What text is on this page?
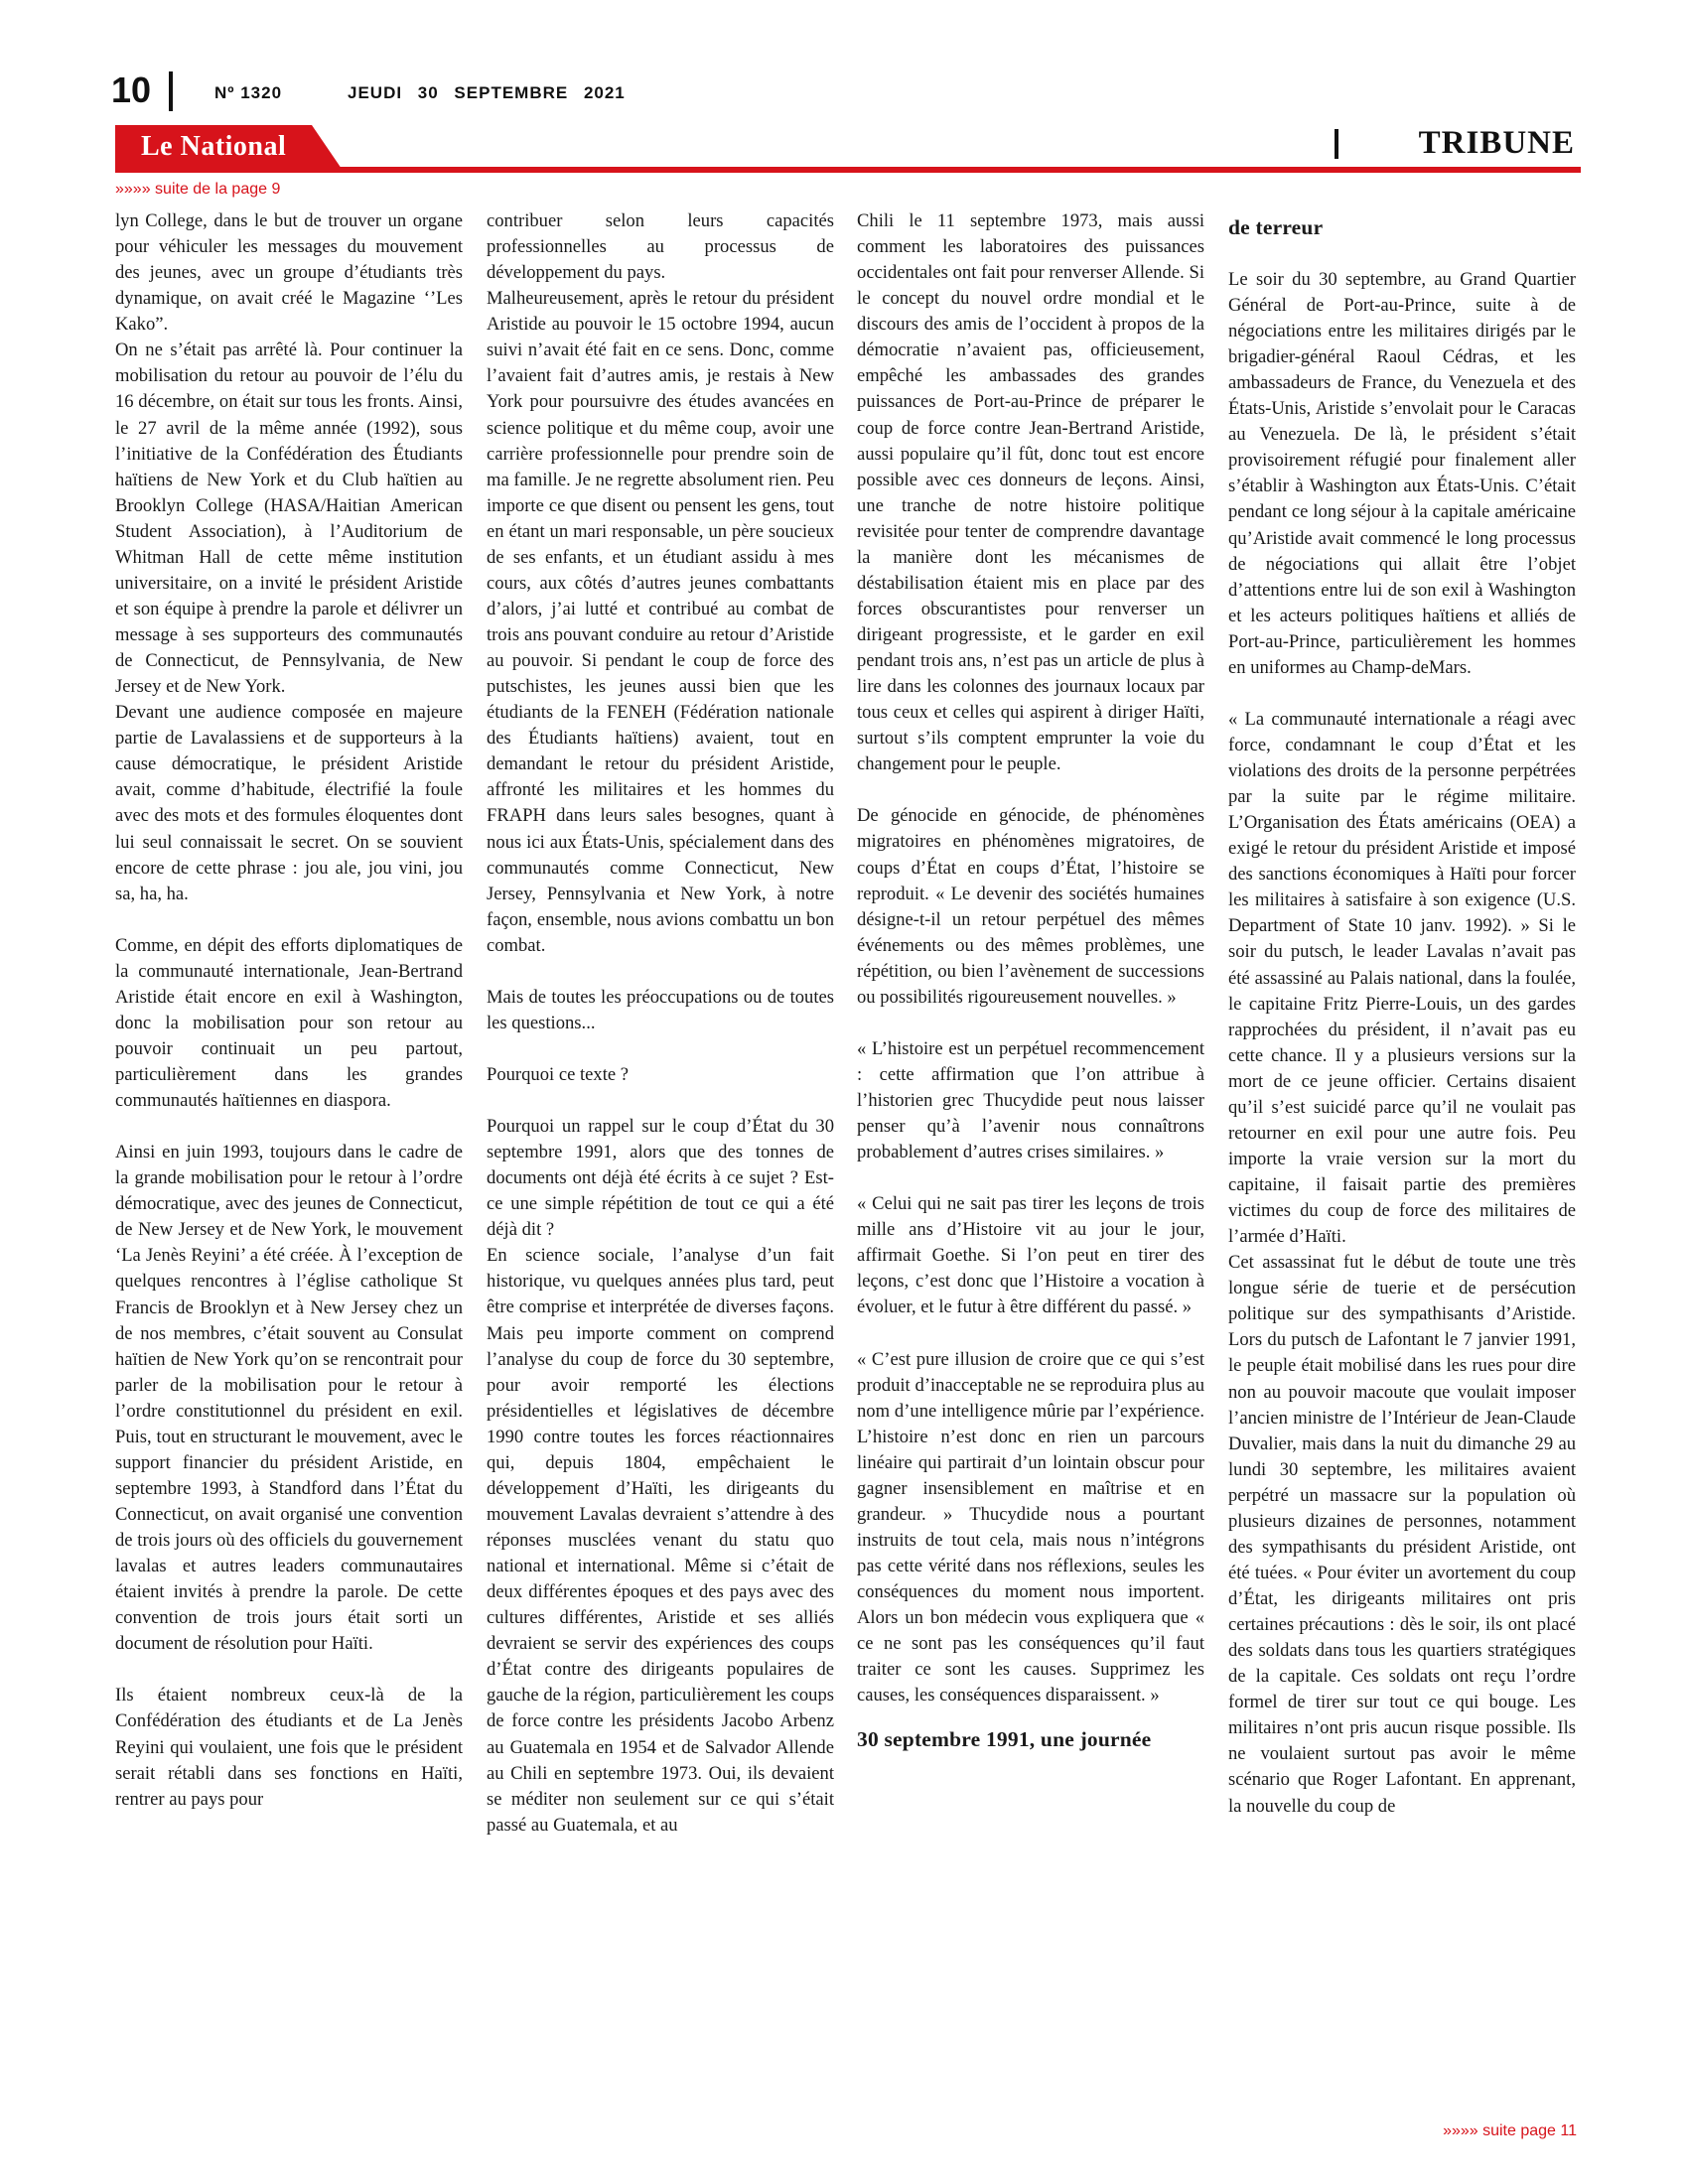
10	Nº 1320	JEUDI 30 SEPTEMBRE 2021
Le National	TRIBUNE
»»»» suite de la page 9

lyn College, dans le but de trouver un organe pour véhiculer les messages du mouvement des jeunes, avec un groupe d’étudiants très dynamique, on avait créé le Magazine ‘’Les Kako”.

On ne s’était pas arrêté là. Pour continuer la mobilisation du retour au pouvoir de l’élu du 16 décembre, on était sur tous les fronts. Ainsi, le 27 avril de la même année (1992), sous l’initiative de la Confédération des Étudiants haïtiens de New York et du Club haïtien au Brooklyn College (HASA/Haitian American Student Association), à l’Auditorium de Whitman Hall de cette même institution universitaire, on a invité le président Aristide et son équipe à prendre la parole et délivrer un message à ses supporteurs des communautés de Connecticut, de Pennsylvania, de New Jersey et de New York.

Devant une audience composée en majeure partie de Lavalassiens et de supporteurs à la cause démocratique, le président Aristide avait, comme d’habitude, électrifié la foule avec des mots et des formules éloquentes dont lui seul connaissait le secret. On se souvient encore de cette phrase : jou ale, jou vini, jou sa, ha, ha.

Comme, en dépit des efforts diplomatiques de la communauté internationale, Jean-Bertrand Aristide était encore en exil à Washington, donc la mobilisation pour son retour au pouvoir continuait un peu partout, particulièrement dans les grandes communautés haïtiennes en diaspora.

Ainsi en juin 1993, toujours dans le cadre de la grande mobilisation pour le retour à l’ordre démocratique, avec des jeunes de Connecticut, de New Jersey et de New York, le mouvement ‘La Jenès Reyini’ a été créée. À l’exception de quelques rencontres à l’église catholique St Francis de Brooklyn et à New Jersey chez un de nos membres, c’était souvent au Consulat haïtien de New York qu’on se rencontrait pour parler de la mobilisation pour le retour à l’ordre constitutionnel du président en exil. Puis, tout en structurant le mouvement, avec le support financier du président Aristide, en septembre 1993, à Standford dans l’État du Connecticut, on avait organisé une convention de trois jours où des officiels du gouvernement lavalas et autres leaders communautaires étaient invités à prendre la parole. De cette convention de trois jours était sorti un document de résolution pour Haïti.

Ils étaient nombreux ceux-là de la Confédération des étudiants et de La Jenès Reyini qui voulaient, une fois que le président serait rétabli dans ses fonctions en Haïti, rentrer au pays pour

contribuer selon leurs capacités professionnelles au processus de développement du pays.

Malheureusement, après le retour du président Aristide au pouvoir le 15 octobre 1994, aucun suivi n’avait été fait en ce sens. Donc, comme l’avaient fait d’autres amis, je restais à New York pour poursuivre des études avancées en science politique et du même coup, avoir une carrière professionnelle pour prendre soin de ma famille. Je ne regrette absolument rien. Peu importe ce que disent ou pensent les gens, tout en étant un mari responsable, un père soucieux de ses enfants, et un étudiant assidu à mes cours, aux côtés d’autres jeunes combattants d’alors, j’ai lutté et contribué au combat de trois ans pouvant conduire au retour d’Aristide au pouvoir. Si pendant le coup de force des putschistes, les jeunes aussi bien que les étudiants de la FENEH (Fédération nationale des Étudiants haïtiens) avaient, tout en demandant le retour du président Aristide, affronté les militaires et les hommes du FRAPH dans leurs sales besognes, quant à nous ici aux États-Unis, spécialement dans des communautés comme Connecticut, New Jersey, Pennsylvania et New York, à notre façon, ensemble, nous avions combattu un bon combat.

Mais de toutes les préoccupations ou de toutes les questions...

Pourquoi ce texte ?

Pourquoi un rappel sur le coup d’État du 30 septembre 1991, alors que des tonnes de documents ont déjà été écrits à ce sujet ? Est-ce une simple répétition de tout ce qui a été déjà dit ?

En science sociale, l’analyse d’un fait historique, vu quelques années plus tard, peut être comprise et interprétée de diverses façons. Mais peu importe comment on comprend l’analyse du coup de force du 30 septembre, pour avoir remporté les élections présidentielles et législatives de décembre 1990 contre toutes les forces réactionnaires qui, depuis 1804, empêchaient le développement d’Haïti, les dirigeants du mouvement Lavalas devraient s’attendre à des réponses musclées venant du statu quo national et international. Même si c’était de deux différentes époques et des pays avec des cultures différentes, Aristide et ses alliés devraient se servir des expériences des coups d’État contre des dirigeants populaires de gauche de la région, particulièrement les coups de force contre les présidents Jacobo Arbenz au Guatemala en 1954 et de Salvador Allende au Chili en septembre 1973. Oui, ils devaient se méditer non seulement sur ce qui s’était passé au Guatemala, et au

Chili le 11 septembre 1973, mais aussi comment les laboratoires des puissances occidentales ont fait pour renverser Allende. Si le concept du nouvel ordre mondial et le discours des amis de l’occident à propos de la démocratie n’avaient pas, officieusement, empêché les ambassades des grandes puissances de Port-au-Prince de préparer le coup de force contre Jean-Bertrand Aristide, aussi populaire qu’il fût, donc tout est encore possible avec ces donneurs de leçons. Ainsi, une tranche de notre histoire politique revisitée pour tenter de comprendre davantage la manière dont les mécanismes de déstabilisation étaient mis en place par des forces obscurantistes pour renverser un dirigeant progressiste, et le garder en exil pendant trois ans, n’est pas un article de plus à lire dans les colonnes des journaux locaux par tous ceux et celles qui aspirent à diriger Haïti, surtout s’ils comptent emprunter la voie du changement pour le peuple.

De génocide en génocide, de phénomènes migratoires en phénomènes migratoires, de coups d’État en coups d’État, l’histoire se reproduit. « Le devenir des sociétés humaines désigne-t-il un retour perpétuel des mêmes événements ou des mêmes problèmes, une répétition, ou bien l’avènement de successions ou possibilités rigoureusement nouvelles. »

« L’histoire est un perpétuel recommencement : cette affirmation que l’on attribue à l’historien grec Thucydide peut nous laisser penser qu’à l’avenir nous connaîtrons probablement d’autres crises similaires. »

« Celui qui ne sait pas tirer les leçons de trois mille ans d’Histoire vit au jour le jour, affirmait Goethe. Si l’on peut en tirer des leçons, c’est donc que l’Histoire a vocation à évoluer, et le futur à être différent du passé. »

« C’est pure illusion de croire que ce qui s’est produit d’inacceptable ne se reproduira plus au nom d’une intelligence mûrie par l’expérience. L’histoire n’est donc en rien un parcours linéaire qui partirait d’un lointain obscur pour gagner insensiblement en maîtrise et en grandeur. » Thucydide nous a pourtant instruits de tout cela, mais nous n’intégrons pas cette vérité dans nos réflexions, seules les conséquences du moment nous importent. Alors un bon médecin vous expliquera que « ce ne sont pas les conséquences qu’il faut traiter ce sont les causes. Supprimez les causes, les conséquences disparaissent. »

30 septembre 1991, une journée
de terreur

Le soir du 30 septembre, au Grand Quartier Général de Port-au-Prince, suite à de négociations entre les militaires dirigés par le brigadier-général Raoul Cédras, et les ambassadeurs de France, du Venezuela et des États-Unis, Aristide s’envolait pour le Caracas au Venezuela. De là, le président s’était provisoirement réfugié pour finalement aller s’établir à Washington aux États-Unis. C’était pendant ce long séjour à la capitale américaine qu’Aristide avait commencé le long processus de négociations qui allait être l’objet d’attentions entre lui de son exil à Washington et les acteurs politiques haïtiens et alliés de Port-au-Prince, particulièrement les hommes en uniformes au Champ-deMars.

« La communauté internationale a réagi avec force, condamnant le coup d’État et les violations des droits de la personne perpétrées par la suite par le régime militaire. L’Organisation des États américains (OEA) a exigé le retour du président Aristide et imposé des sanctions économiques à Haïti pour forcer les militaires à satisfaire à son exigence (U.S. Department of State 10 janv. 1992). » Si le soir du putsch, le leader Lavalas n’avait pas été assassiné au Palais national, dans la foulée, le capitaine Fritz Pierre-Louis, un des gardes rapprochées du président, il n’avait pas eu cette chance. Il y a plusieurs versions sur la mort de ce jeune officier. Certains disaient qu’il s’est suicidé parce qu’il ne voulait pas retourner en exil pour une autre fois. Peu importe la vraie version sur la mort du capitaine, il faisait partie des premières victimes du coup de force des militaires de l’armée d’Haïti.

Cet assassinat fut le début de toute une très longue série de tuerie et de persécution politique sur des sympathisants d’Aristide. Lors du putsch de Lafontant le 7 janvier 1991, le peuple était mobilisé dans les rues pour dire non au pouvoir macoute que voulait imposer l’ancien ministre de l’Intérieur de Jean-Claude Duvalier, mais dans la nuit du dimanche 29 au lundi 30 septembre, les militaires avaient perpétré un massacre sur la population où plusieurs dizaines de personnes, notamment des sympathisants du président Aristide, ont été tuées. « Pour éviter un avortement du coup d’État, les dirigeants militaires ont pris certaines précautions : dès le soir, ils ont placé des soldats dans tous les quartiers stratégiques de la capitale. Ces soldats ont reçu l’ordre formel de tirer sur tout ce qui bouge. Les militaires n’ont pris aucun risque possible. Ils ne voulaient surtout pas avoir le même scénario que Roger Lafontant. En apprenant, la nouvelle du coup de

»»»» suite page 11
